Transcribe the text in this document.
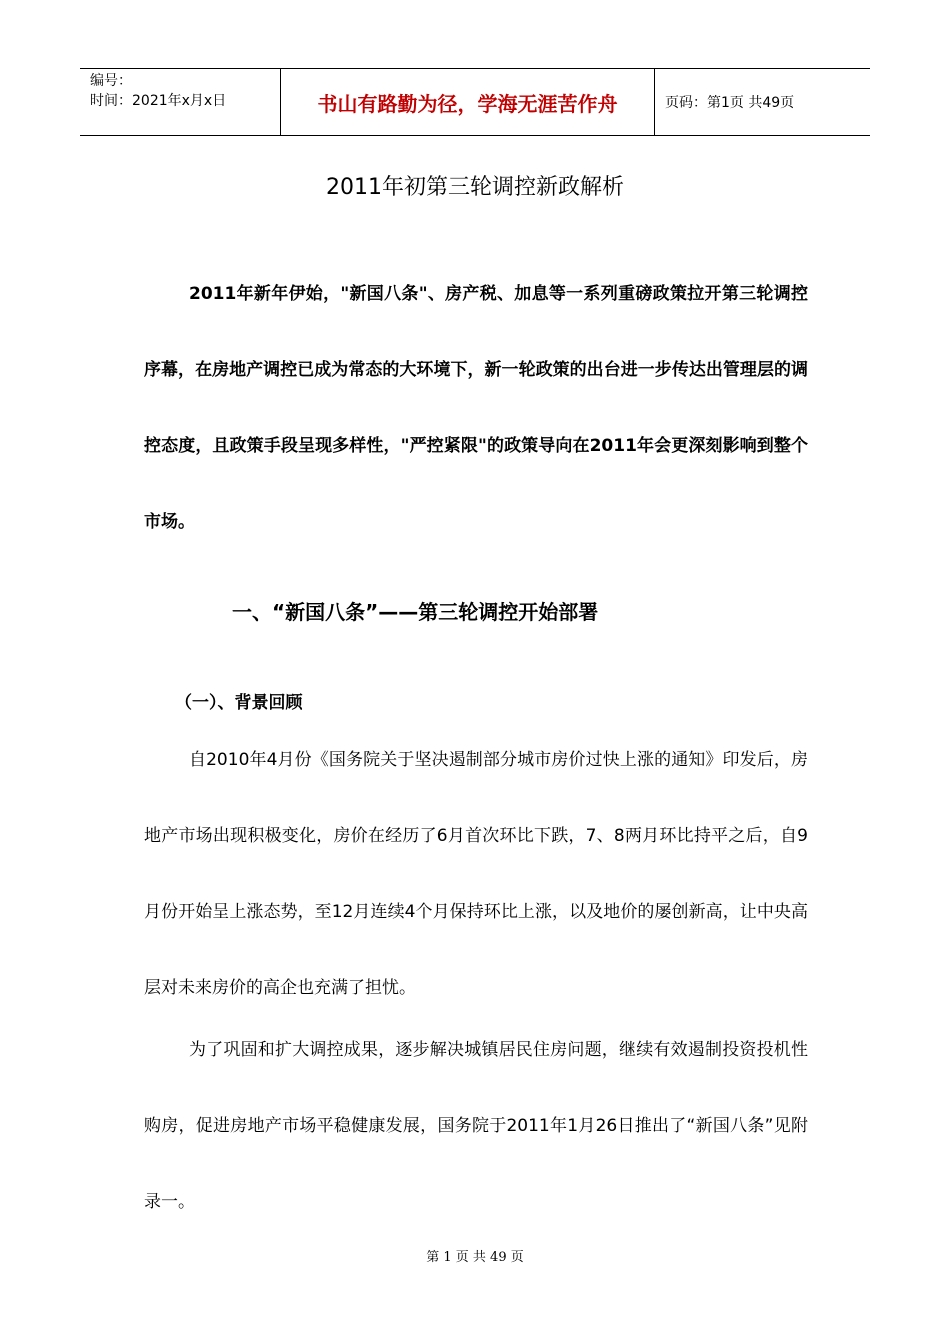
编号：
时间：2021年x月x日	书山有路勤为径，学海无涯苦作舟	页码：第1页 共49页
2011年初第三轮调控新政解析
2011年新年伊始，"新国八条"、房产税、加息等一系列重磅政策拉开第三轮调控序幕，在房地产调控已成为常态的大环境下，新一轮政策的出台进一步传达出管理层的调控态度，且政策手段呈现多样性，"严控紧限"的政策导向在2011年会更深刻影响到整个市场。
一、“新国八条”——第三轮调控开始部署
（一）、背景回顾
自2010年4月份《国务院关于坚决遏制部分城市房价过快上涨的通知》印发后，房地产市场出现积极变化，房价在经历了6月首次环比下跌，7、8两月环比持平之后，自9月份开始呈上涨态势，至12月连续4个月保持环比上涨，以及地价的屡创新高，让中央高层对未来房价的高企也充满了担忧。
为了巩固和扩大调控成果，逐步解决城镇居民住房问题，继续有效遏制投资投机性购房，促进房地产市场平稳健康发展，国务院于2011年1月26日推出了“新国八条”见附录一。
第 1 页 共 49 页
